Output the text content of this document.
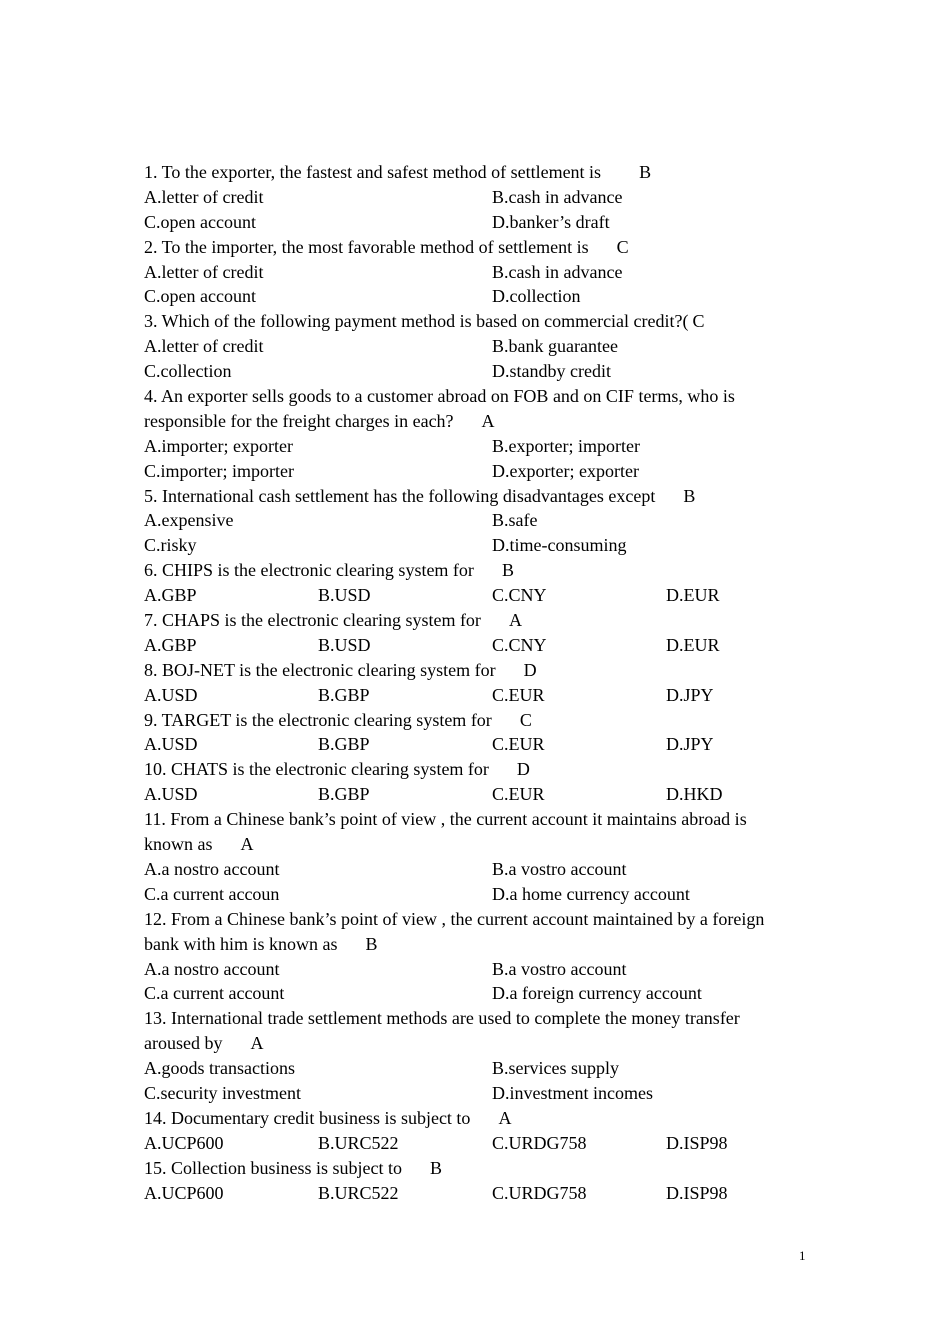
1. To the exporter, the fastest and safest method of settlement is B
A.letter of credit	B.cash in advance
C.open account	D.banker’s draft
2. To the importer, the most favorable method of settlement is C
A.letter of credit	B.cash in advance
C.open account	D.collection
3. Which of the following payment method is based on commercial credit?( C
A.letter of credit	B.bank guarantee
C.collection	D.standby credit
4. An exporter sells goods to a customer abroad on FOB and on CIF terms, who is
responsible for the freight charges in each? A
A.importer; exporter	B.exporter; importer
C.importer; importer	D.exporter; exporter
5. International cash settlement has the following disadvantages except B
A.expensive	B.safe
C.risky	D.time-consuming
6. CHIPS is the electronic clearing system for B
A.GBP	B.USD	C.CNY	D.EUR
7. CHAPS is the electronic clearing system for A
A.GBP	B.USD	C.CNY	D.EUR
8. BOJ-NET is the electronic clearing system for D
A.USD	B.GBP	C.EUR	D.JPY
9. TARGET is the electronic clearing system for C
A.USD	B.GBP	C.EUR	D.JPY
10. CHATS is the electronic clearing system for D
A.USD	B.GBP	C.EUR	D.HKD
11. From a Chinese bank’s point of view , the current account it maintains abroad is
known as A
A.a nostro account	B.a vostro account
C.a current accoun	D.a home currency account
12. From a Chinese bank’s point of view , the current account maintained by a foreign
bank with him is known as B
A.a nostro account	B.a vostro account
C.a current account	D.a foreign currency account
13. International trade settlement methods are used to complete the money transfer
aroused by A
A.goods transactions	B.services supply
C.security investment	D.investment incomes
14. Documentary credit business is subject to A
A.UCP600	B.URC522	C.URDG758	D.ISP98
15. Collection business is subject to B
A.UCP600	B.URC522	C.URDG758	D.ISP98
1
